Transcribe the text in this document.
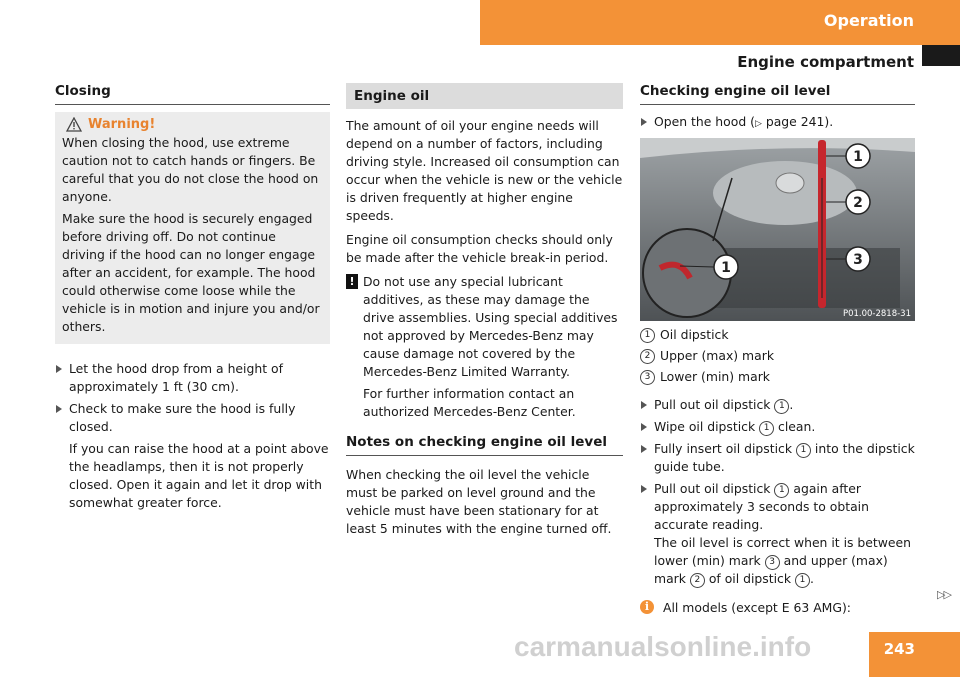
Operation
Engine compartment
Closing
Warning!

When closing the hood, use extreme caution not to catch hands or fingers. Be careful that you do not close the hood on anyone.

Make sure the hood is securely engaged before driving off. Do not continue driving if the hood can no longer engage after an accident, for example. The hood could otherwise come loose while the vehicle is in motion and injure you and/or others.

Let the hood drop from a height of approximately 1 ft (30 cm).
Check to make sure the hood is fully closed.
If you can raise the hood at a point above the headlamps, then it is not properly closed. Open it again and let it drop with somewhat greater force.
Engine oil

The amount of oil your engine needs will depend on a number of factors, including driving style. Increased oil consumption can occur when the vehicle is new or the vehicle is driven frequently at higher engine speeds.

Engine oil consumption checks should only be made after the vehicle break-in period.

! Do not use any special lubricant additives, as these may damage the drive assemblies. Using special additives not approved by Mercedes-Benz may cause damage not covered by the Mercedes-Benz Limited Warranty.
For further information contact an authorized Mercedes-Benz Center.
Notes on checking engine oil level

When checking the oil level the vehicle must be parked on level ground and the vehicle must have been stationary for at least 5 minutes with the engine turned off.

Checking engine oil level
Open the hood (▷ page 241).
1
2
3
1
P01.00-2818-31
1 Oil dipstick
2 Upper (max) mark
3 Lower (min) mark
Pull out oil dipstick 1 .
Wipe oil dipstick 1 clean.
Fully insert oil dipstick 1 into the dipstick guide tube.
Pull out oil dipstick 1 again after approximately 3 seconds to obtain accurate reading.
The oil level is correct when it is between lower (min) mark 3 and upper (max) mark 2 of oil dipstick 1 .
i	All models (except E 63 AMG):
▷▷
carmanualsonline.info	243
